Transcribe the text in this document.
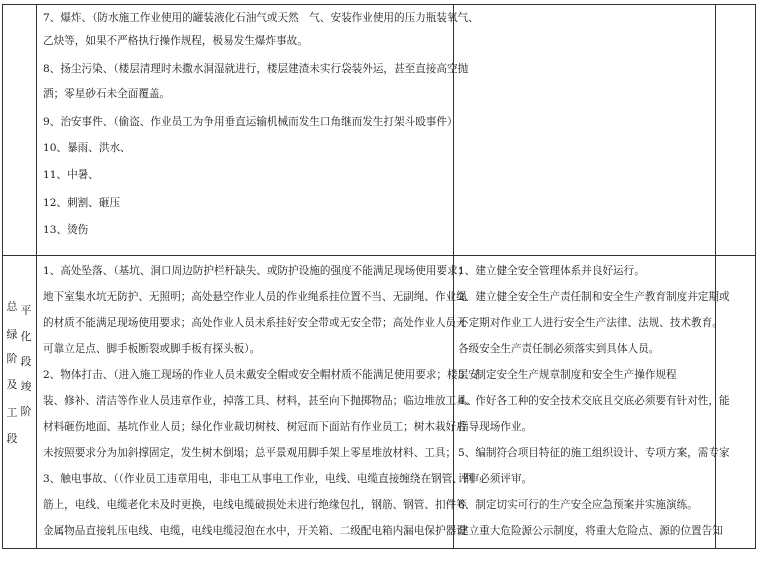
7、爆炸、（防水施工作业使用的罐装液化石油气或天然　气、安装作业使用的压力瓶装氧气、
乙炔等，如果不严格执行操作规程，极易发生爆炸事故。
8、扬尘污染、（楼层清理时未撒水洞湿就进行，楼层建渣未实行袋装外运，甚至直接高空抛
洒；零星砂石未全面覆盖。
9、治安事件、（偷盗、作业员工为争用垂直运输机械而发生口角继而发生打架斗殴事件）
10、暴雨、洪水、
11、中暑、
12、刺割、砸压
13、烫伤
总
绿
阶
及
工
段
平
化
段
竣
阶
1、高处坠落、（基坑、洞口周边防护栏杆缺失、或防护设施的强度不能满足现场使用要求；
地下室集水坑无防护、无照明；高处悬空作业人员的作业绳系挂位置不当、无副绳、作业绳
的材质不能满足现场使用要求；高处作业人员未系挂好安全带或无安全带；高处作业人员无
可靠立足点、脚手板断裂或脚手板有探头板）。
2、物体打击、（进入施工现场的作业人员未戴安全帽或安全帽材质不能满足使用要求；楼层安
装、修补、清洁等作业人员违章作业，掉落工具、材料，甚至向下抛掷物品；临边堆放工具、
材料砸伤地面、基坑作业人员；绿化作业裁切树枝、树冠而下面站有作业员工；树木栽好后
未按照要求分为加斜撑固定，发生树木倒塌；总平景观用脚手架上零星堆放材料、工具；
3、触电事故、（（作业员工违章用电，非电工从事电工作业，电线、电缆直接缠绕在钢管、钢
筋上，电线、电缆老化未及时更换，电线电缆破损处未进行绝缘包扎，钢筋、钢管、扣件等
金属物品直接轧压电线、电缆，电线电缆浸泡在水中，开关箱、二级配电箱内漏电保护器设
1、建立健全安全管理体系并良好运行。
2、建立健全安全生产责任制和安全生产教育制度并定期或
不定期对作业工人进行安全生产法律、法规、技术教育。
各级安全生产责任制必须落实到具体人员。
3、制定安全生产规章制度和安全生产操作规程
4、作好各工种的安全技术交底且交底必须要有针对性，能
指导现场作业。
5、编制符合项目特征的施工组织设计、专项方案，需专家
评审必须评审。
6、制定切实可行的生产安全应急预案并实施演练。
建立重大危险源公示制度，将重大危险点、源的位置告知
